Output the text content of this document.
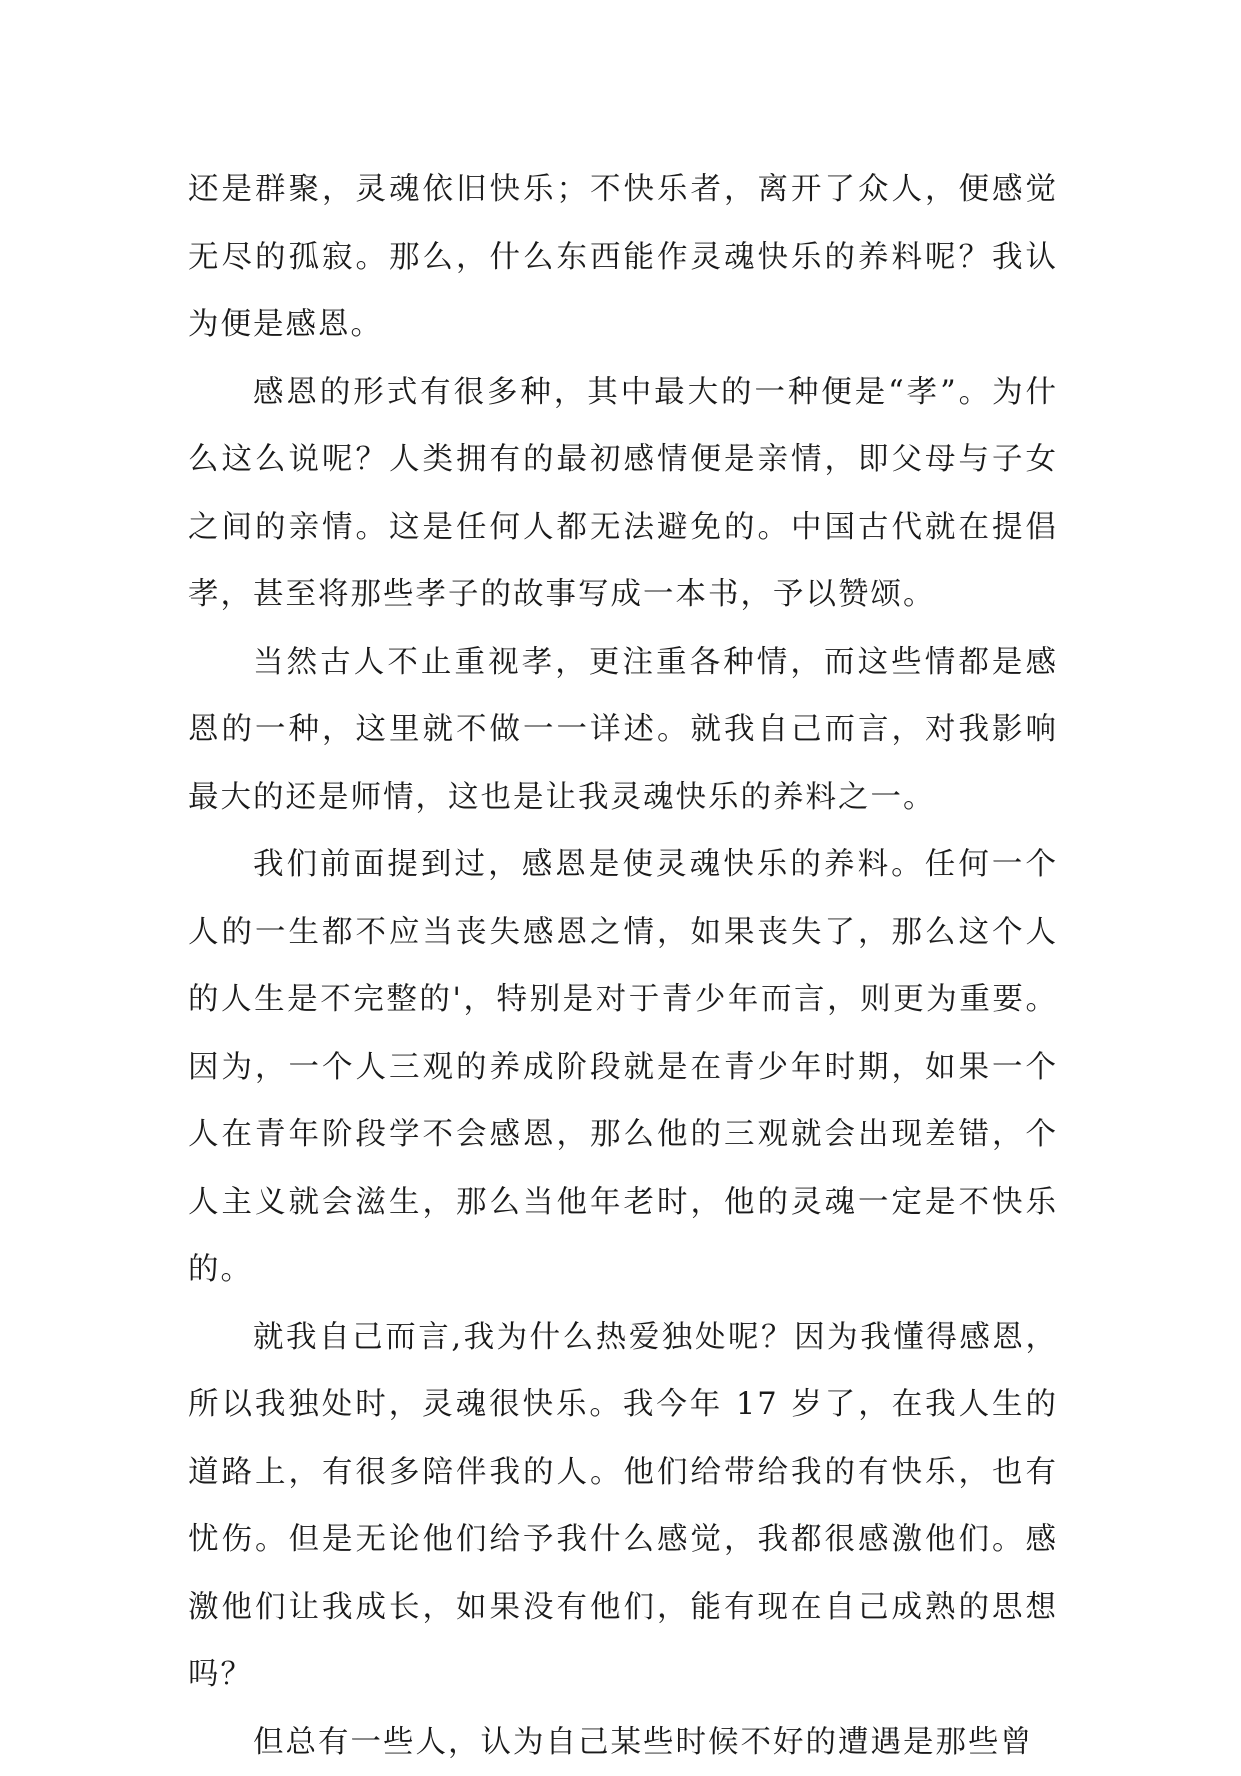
还是群聚，灵魂依旧快乐；不快乐者，离开了众人，便感觉无尽的孤寂。那么，什么东西能作灵魂快乐的养料呢？我认为便是感恩。

感恩的形式有很多种，其中最大的一种便是“孝”。为什么这么说呢？人类拥有的最初感情便是亲情，即父母与子女之间的亲情。这是任何人都无法避免的。中国古代就在提倡孝，甚至将那些孝子的故事写成一本书，予以赞颂。

当然古人不止重视孝，更注重各种情，而这些情都是感恩的一种，这里就不做一一详述。就我自己而言，对我影响最大的还是师情，这也是让我灵魂快乐的养料之一。

我们前面提到过，感恩是使灵魂快乐的养料。任何一个人的一生都不应当丧失感恩之情，如果丧失了，那么这个人的人生是不完整的'，特别是对于青少年而言，则更为重要。因为，一个人三观的养成阶段就是在青少年时期，如果一个人在青年阶段学不会感恩，那么他的三观就会出现差错，个人主义就会滋生，那么当他年老时，他的灵魂一定是不快乐的。

就我自己而言,我为什么热爱独处呢？因为我懂得感恩，所以我独处时，灵魂很快乐。我今年 17 岁了，在我人生的道路上，有很多陪伴我的人。他们给带给我的有快乐，也有忧伤。但是无论他们给予我什么感觉，我都很感激他们。感激他们让我成长，如果没有他们，能有现在自己成熟的思想吗？

但总有一些人，认为自己某些时候不好的遭遇是那些曾
